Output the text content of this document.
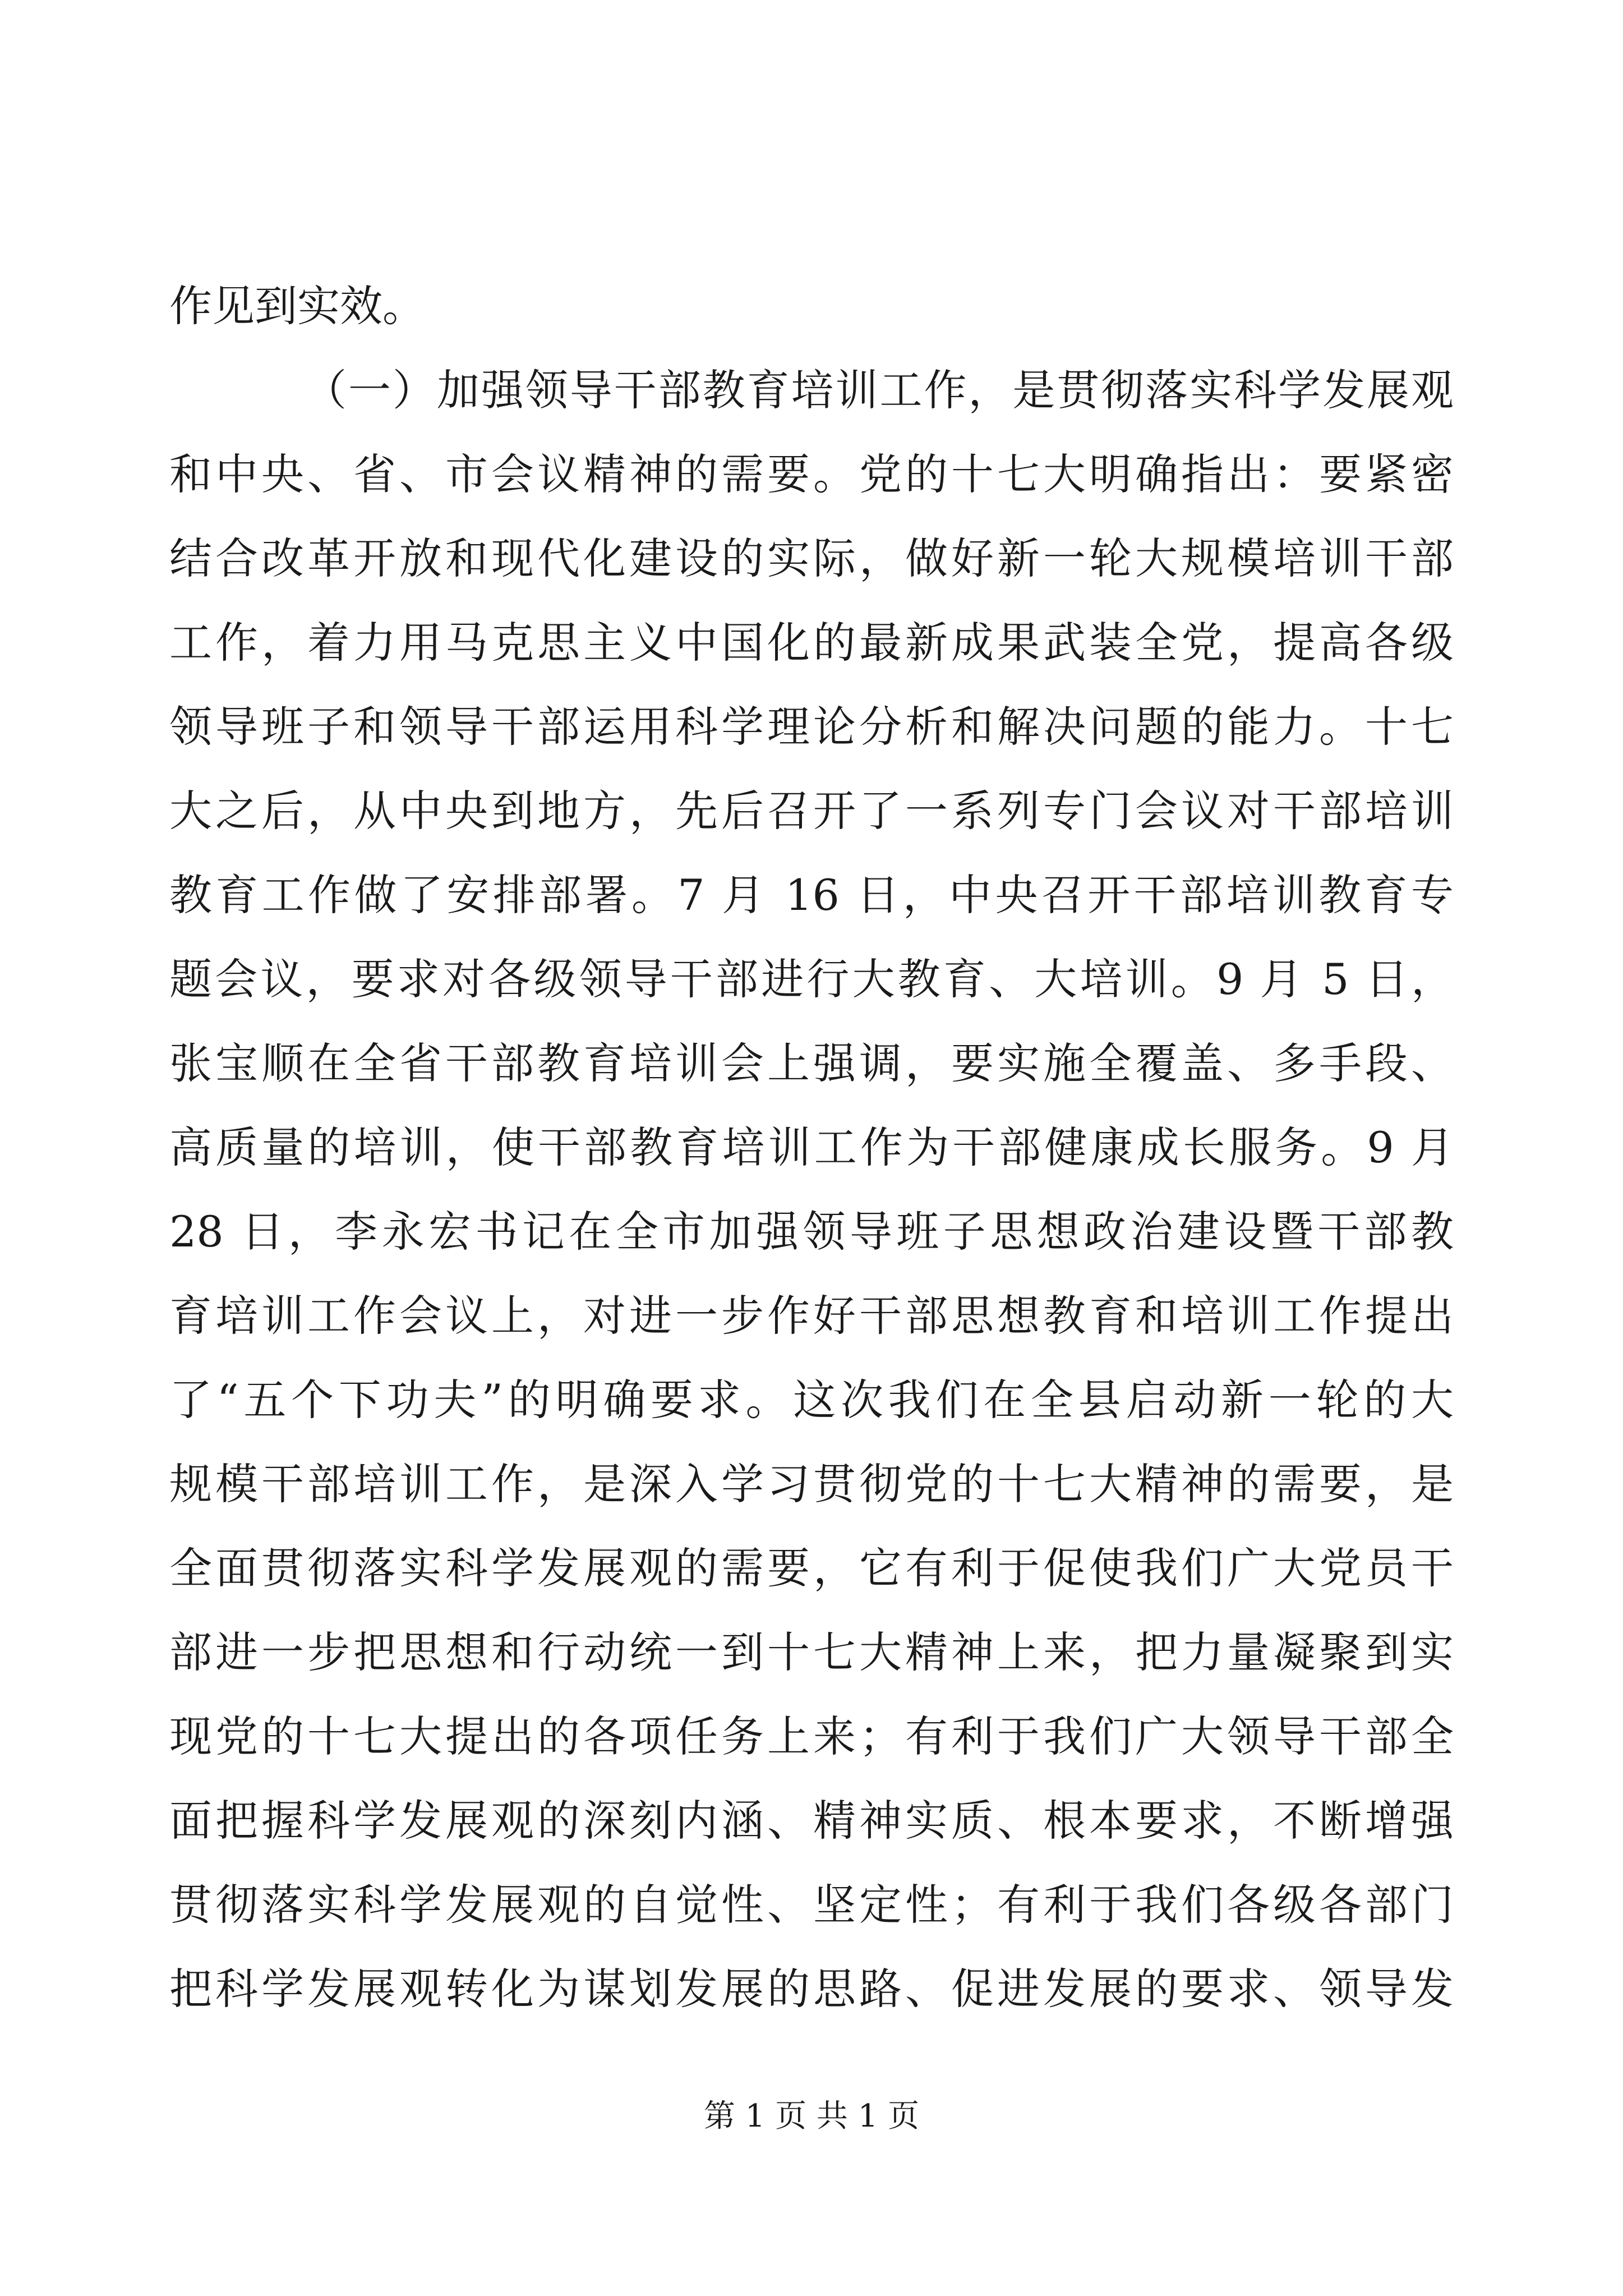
作见到实效。
（一）加强领导干部教育培训工作，是贯彻落实科学发展观
和中央、省、市会议精神的需要。党的十七大明确指出：要紧密
结合改革开放和现代化建设的实际，做好新一轮大规模培训干部
工作，着力用马克思主义中国化的最新成果武装全党，提高各级
领导班子和领导干部运用科学理论分析和解决问题的能力。十七
大之后，从中央到地方，先后召开了一系列专门会议对干部培训
教育工作做了安排部署。7 月 16 日，中央召开干部培训教育专
题会议，要求对各级领导干部进行大教育、大培训。9 月 5 日，
张宝顺在全省干部教育培训会上强调，要实施全覆盖、多手段、
高质量的培训，使干部教育培训工作为干部健康成长服务。9 月
28 日，李永宏书记在全市加强领导班子思想政治建设暨干部教
育培训工作会议上，对进一步作好干部思想教育和培训工作提出
了“五个下功夫”的明确要求。这次我们在全县启动新一轮的大
规模干部培训工作，是深入学习贯彻党的十七大精神的需要，是
全面贯彻落实科学发展观的需要，它有利于促使我们广大党员干
部进一步把思想和行动统一到十七大精神上来，把力量凝聚到实
现党的十七大提出的各项任务上来；有利于我们广大领导干部全
面把握科学发展观的深刻内涵、精神实质、根本要求，不断增强
贯彻落实科学发展观的自觉性、坚定性；有利于我们各级各部门
把科学发展观转化为谋划发展的思路、促进发展的要求、领导发
第 1 页 共 1 页
